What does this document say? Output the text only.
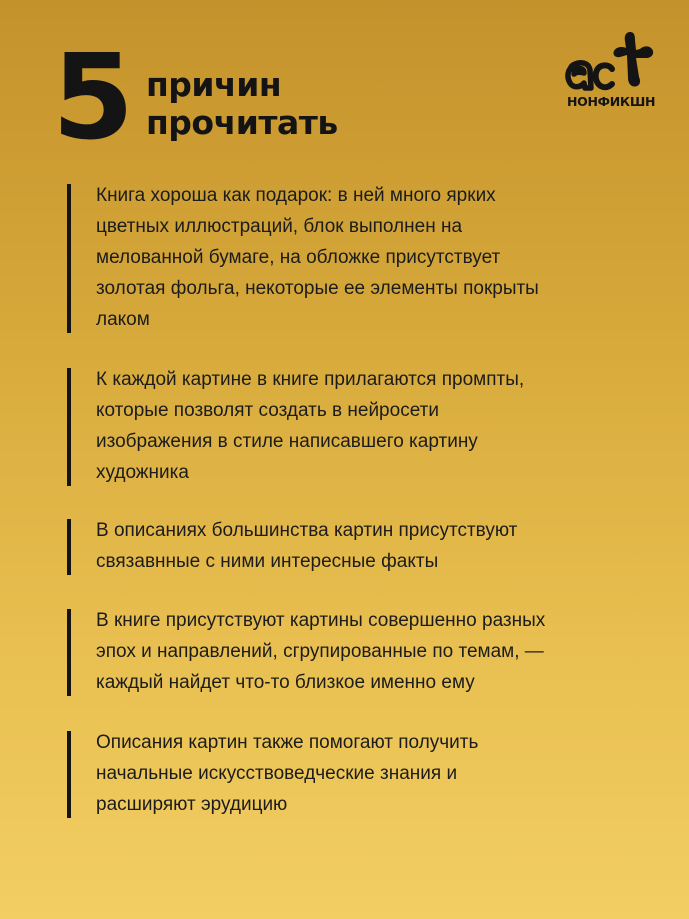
5 причин
прочитать
НОНФИКШН
Книга хороша как подарок: в ней много ярких
цветных иллюстраций, блок выполнен на
мелованной бумаге, на обложке присутствует
золотая фольга, некоторые ее элементы покрыты
лаком
К каждой картине в книге прилагаются промпты,
которые позволят создать в нейросети
изображения в стиле написавшего картину
художника
В описаниях большинства картин присутствуют
связавнные с ними интересные факты
В книге присутствуют картины совершенно разных
эпох и направлений, сгрупированные по темам, —
каждый найдет что-то близкое именно ему
Описания картин также помогают получить
начальные искусствоведческие знания и
расширяют эрудицию
